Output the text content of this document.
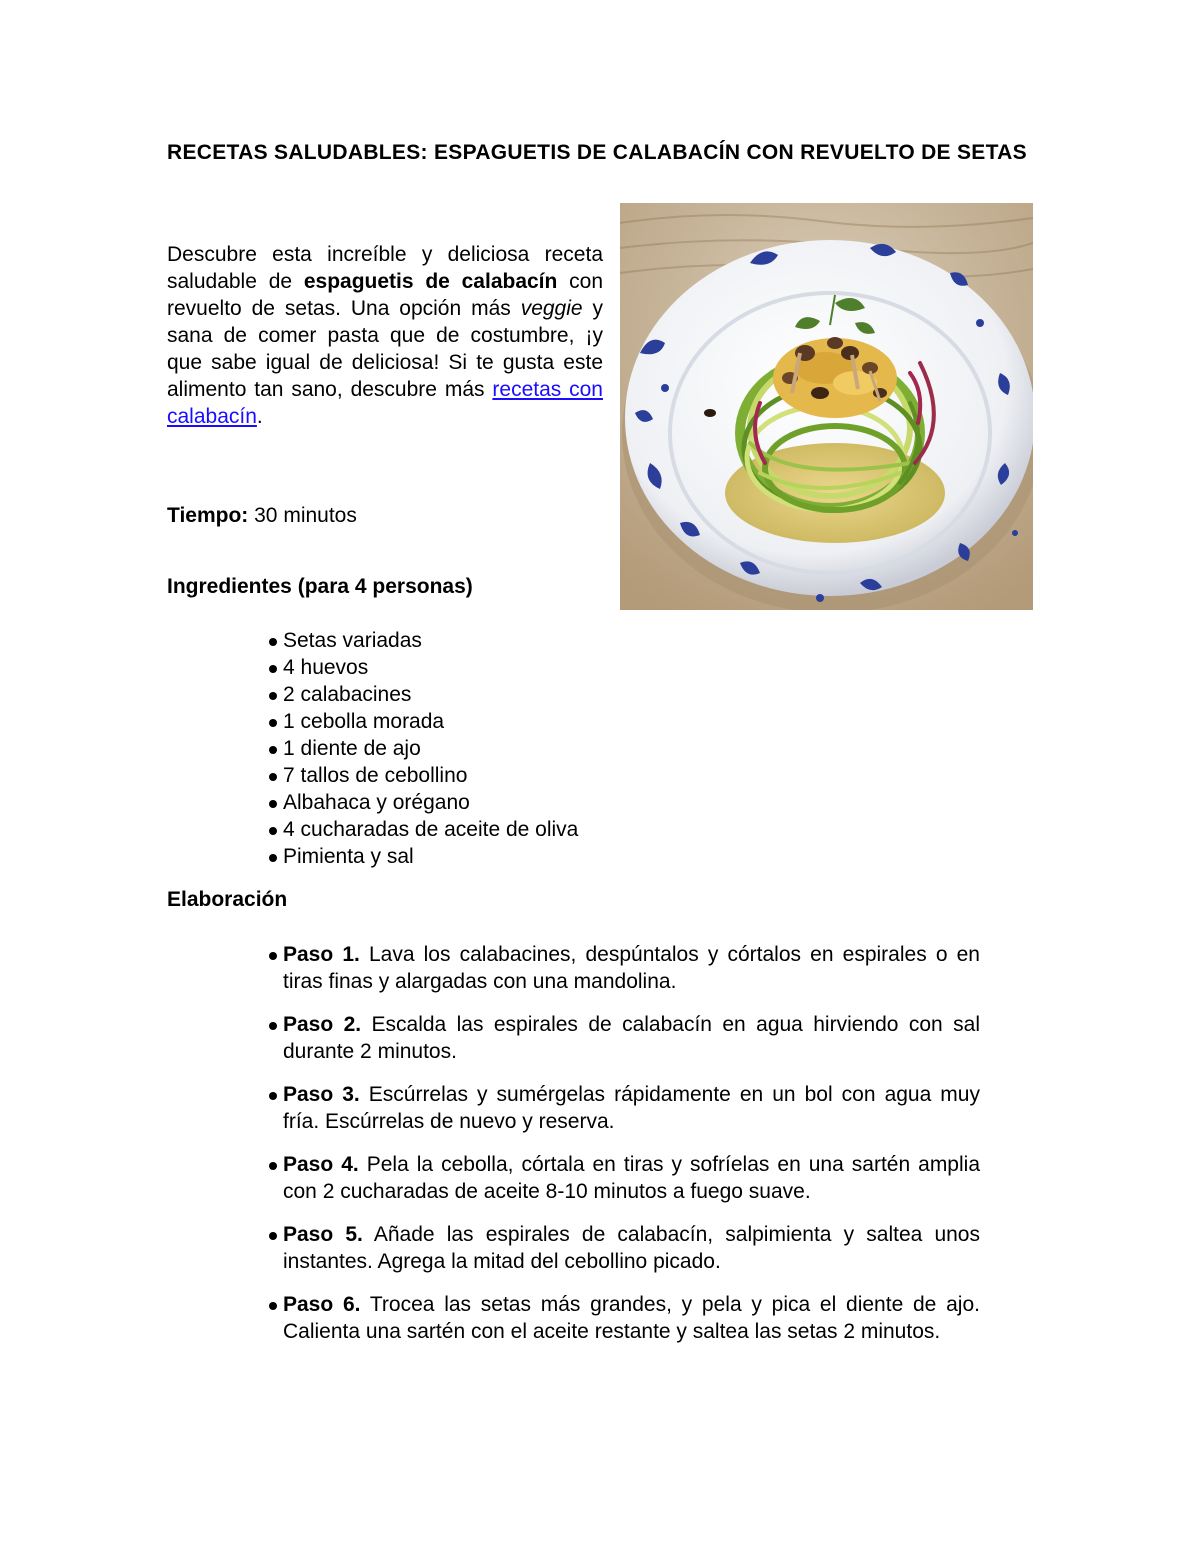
RECETAS SALUDABLES: ESPAGUETIS DE CALABACÍN CON REVUELTO DE SETAS

Descubre esta increíble y deliciosa receta saludable de espaguetis de calabacín con revuelto de setas. Una opción más veggie y sana de comer pasta que de costumbre, ¡y que sabe igual de deliciosa! Si te gusta este alimento tan sano, descubre más recetas con calabacín.

Tiempo: 30 minutos

Ingredientes (para 4 personas)
Setas variadas
4 huevos
2 calabacines
1 cebolla morada
1 diente de ajo
7 tallos de cebollino
Albahaca y orégano
4 cucharadas de aceite de oliva
Pimienta y sal
Elaboración
Paso 1. Lava los calabacines, despúntalos y córtalos en espirales o en tiras finas y alargadas con una mandolina.
Paso 2. Escalda las espirales de calabacín en agua hirviendo con sal durante 2 minutos.
Paso 3. Escúrrelas y sumérgelas rápidamente en un bol con agua muy fría. Escúrrelas de nuevo y reserva.
Paso 4. Pela la cebolla, córtala en tiras y sofríelas en una sartén amplia con 2 cucharadas de aceite 8-10 minutos a fuego suave.
Paso 5. Añade las espirales de calabacín, salpimienta y saltea unos instantes. Agrega la mitad del cebollino picado.
Paso 6. Trocea las setas más grandes, y pela y pica el diente de ajo. Calienta una sartén con el aceite restante y saltea las setas 2 minutos.
